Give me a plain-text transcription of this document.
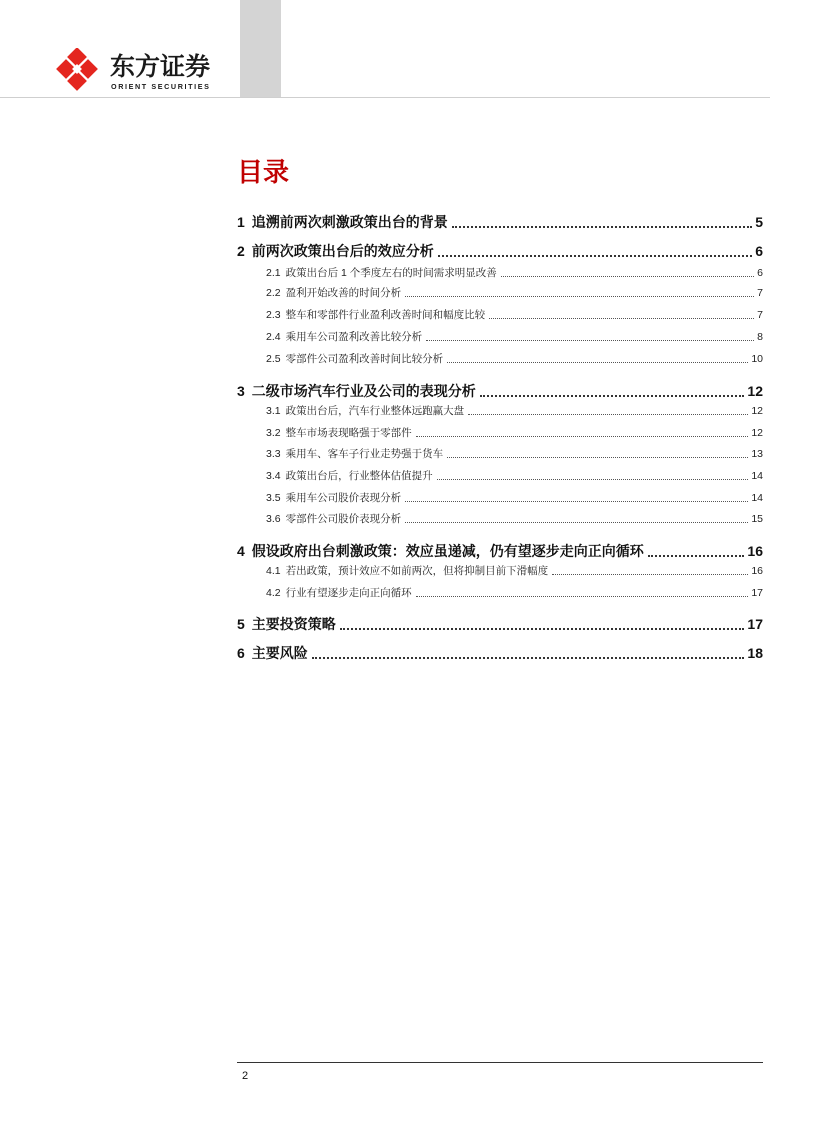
东方证券
ORIENT SECURITIES
目录
1 追溯前两次刺激政策出台的背景	5
2 前两次政策出台后的效应分析	6
2.1 政策出台后 1 个季度左右的时间需求明显改善	6
2.2 盈利开始改善的时间分析	7
2.3 整车和零部件行业盈利改善时间和幅度比较	7
2.4 乘用车公司盈利改善比较分析	8
2.5 零部件公司盈利改善时间比较分析	10
3 二级市场汽车行业及公司的表现分析	12
3.1 政策出台后，汽车行业整体远跑赢大盘	12
3.2 整车市场表现略强于零部件	12
3.3 乘用车、客车子行业走势强于货车	13
3.4 政策出台后，行业整体估值提升	14
3.5 乘用车公司股价表现分析	14
3.6 零部件公司股价表现分析	15
4 假设政府出台刺激政策：效应虽递减，仍有望逐步走向正向循环	16
4.1 若出政策，预计效应不如前两次，但将抑制目前下滑幅度	16
4.2 行业有望逐步走向正向循环	17
5 主要投资策略	17
6 主要风险	18
2
